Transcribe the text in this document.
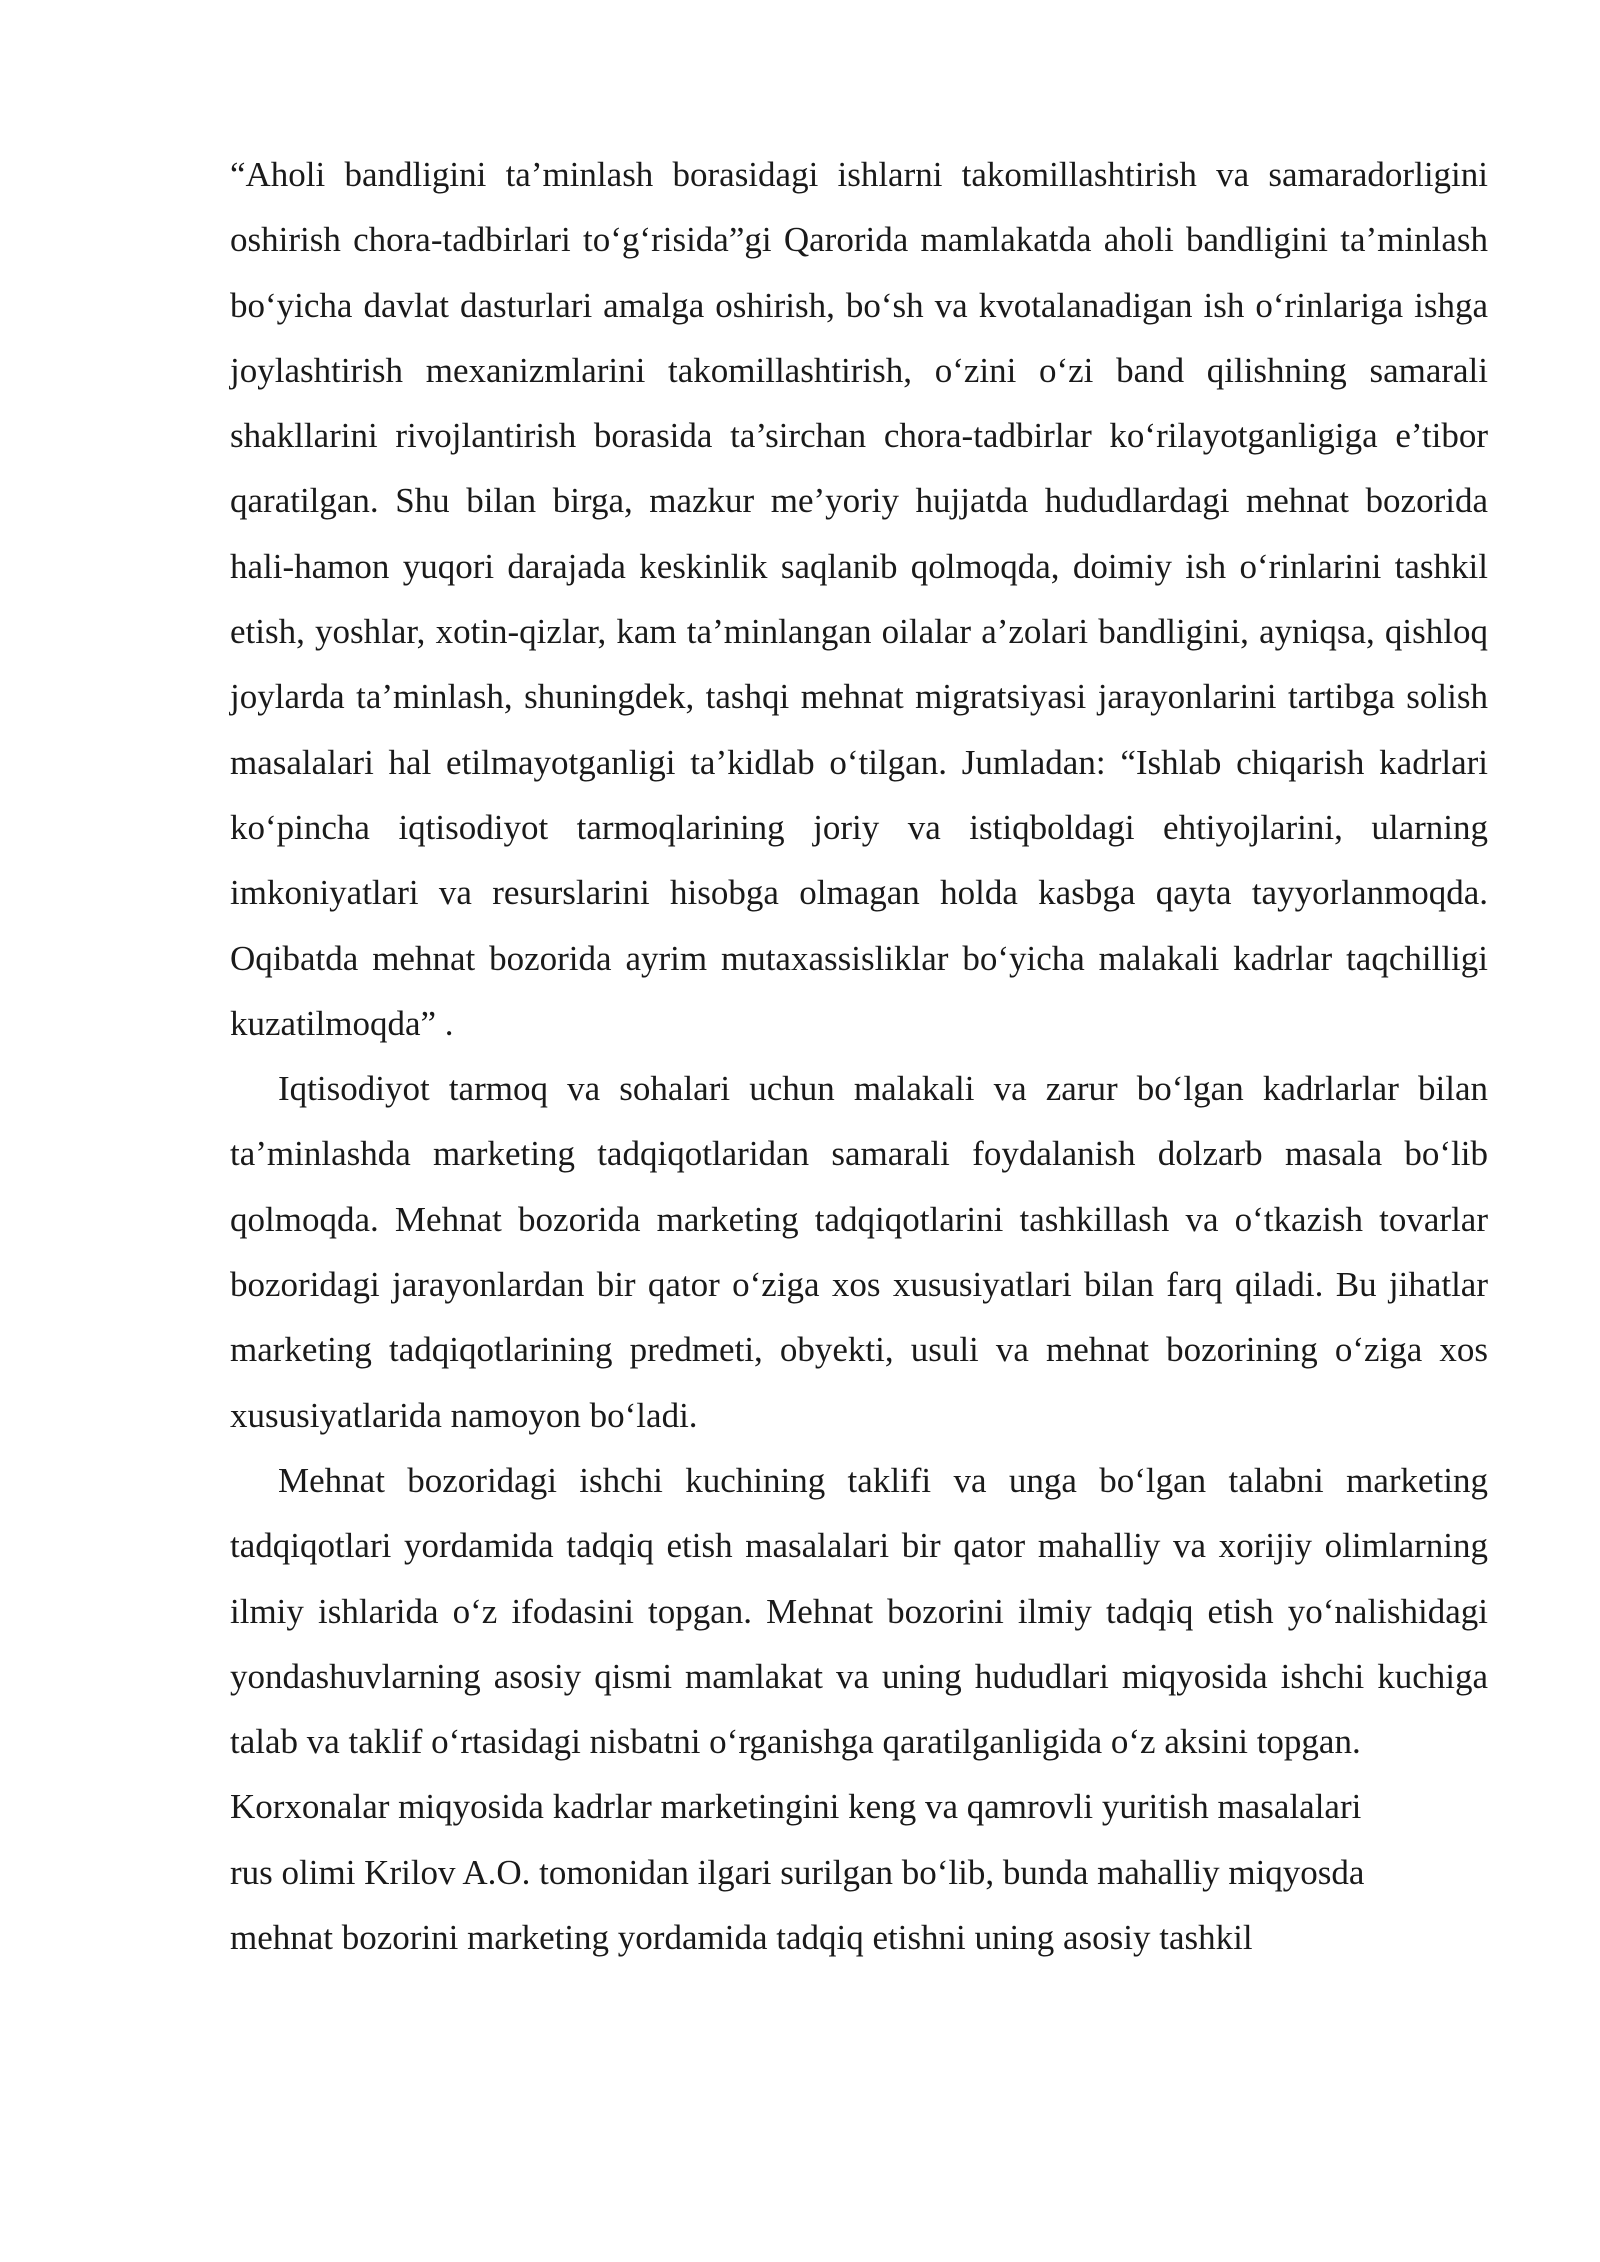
“Aholi bandligini ta’minlash borasidagi ishlarni takomillashtirish va samaradorligini oshirish chora-tadbirlari to‘g‘risida”gi Qarorida mamlakatda aholi bandligini ta’minlash bo‘yicha davlat dasturlari amalga oshirish, bo‘sh va kvotalanadigan ish o‘rinlariga ishga joylashtirish mexanizmlarini takomillashtirish, o‘zini o‘zi band qilishning samarali shakllarini rivojlantirish borasida ta’sirchan chora-tadbirlar ko‘rilayotganligiga e’tibor qaratilgan. Shu bilan birga, mazkur me’yoriy hujjatda hududlardagi mehnat bozorida hali-hamon yuqori darajada keskinlik saqlanib qolmoqda, doimiy ish o‘rinlarini tashkil etish, yoshlar, xotin-qizlar, kam ta’minlangan oilalar a’zolari bandligini, ayniqsa, qishloq joylarda ta’minlash, shuningdek, tashqi mehnat migratsiyasi jarayonlarini tartibga solish masalalari hal etilmayotganligi ta’kidlab o‘tilgan. Jumladan: “Ishlab chiqarish kadrlari ko‘pincha iqtisodiyot tarmoqlarining joriy va istiqboldagi ehtiyojlarini, ularning imkoniyatlari va resurslarini hisobga olmagan holda kasbga qayta tayyorlanmoqda. Oqibatda mehnat bozorida ayrim mutaxassisliklar bo‘yicha malakali kadrlar taqchilligi kuzatilmoqda” .

Iqtisodiyot tarmoq va sohalari uchun malakali va zarur bo‘lgan kadrlarlar bilan ta’minlashda marketing tadqiqotlaridan samarali foydalanish dolzarb masala bo‘lib qolmoqda. Mehnat bozorida marketing tadqiqotlarini tashkillash va o‘tkazish tovarlar bozoridagi jarayonlardan bir qator o‘ziga xos xususiyatlari bilan farq qiladi. Bu jihatlar marketing tadqiqotlarining predmeti, obyekti, usuli va mehnat bozorining o‘ziga xos xususiyatlarida namoyon bo‘ladi.

Mehnat bozoridagi ishchi kuchining taklifi va unga bo‘lgan talabni marketing tadqiqotlari yordamida tadqiq etish masalalari bir qator mahalliy va xorijiy olimlarning ilmiy ishlarida o‘z ifodasini topgan. Mehnat bozorini ilmiy tadqiq etish yo‘nalishidagi yondashuvlarning asosiy qismi mamlakat va uning hududlari miqyosida ishchi kuchiga talab va taklif o‘rtasidagi nisbatni o‘rganishga qaratilganligida o‘z aksini topgan.

Korxonalar miqyosida kadrlar marketingini keng va qamrovli yuritish masalalari
rus olimi Krilov A.O. tomonidan ilgari surilgan bo‘lib, bunda mahalliy miqyosda
mehnat bozorini marketing yordamida tadqiq etishni uning asosiy tashkil
